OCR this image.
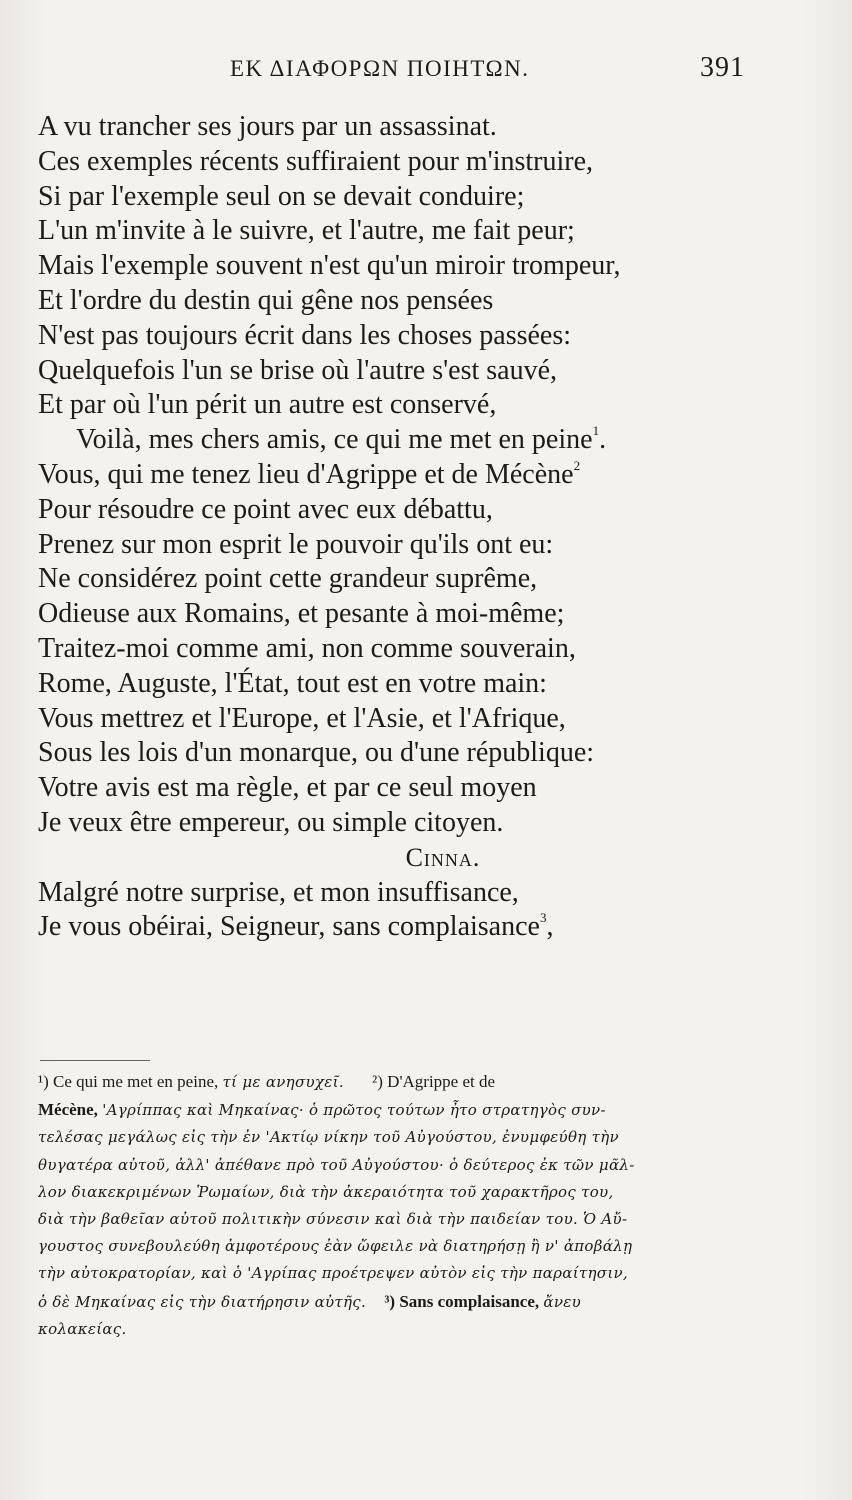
ΕΚ ΔΙΑΦΟΡΩΝ ΠΟΙΗΤΩΝ.	391
A vu trancher ses jours par un assassinat.
Ces exemples récents suffiraient pour m'instruire,
Si par l'exemple seul on se devait conduire;
L'un m'invite à le suivre, et l'autre, me fait peur;
Mais l'exemple souvent n'est qu'un miroir trompeur,
Et l'ordre du destin qui gêne nos pensées
N'est pas toujours écrit dans les choses passées:
Quelquefois l'un se brise où l'autre s'est sauvé,
Et par où l'un périt un autre est conservé,
Voilà, mes chers amis, ce qui me met en peine$^1$.
Vous, qui me tenez lieu d'Agrippe et de Mécène$^2$
Pour résoudre ce point avec eux débattu,
Prenez sur mon esprit le pouvoir qu'ils ont eu:
Ne considérez point cette grandeur suprême,
Odieuse aux Romains, et pesante à moi-même;
Traitez-moi comme ami, non comme souverain,
Rome, Auguste, l'État, tout est en votre main:
Vous mettrez et l'Europe, et l'Asie, et l'Afrique,
Sous les lois d'un monarque, ou d'une république:
Votre avis est ma règle, et par ce seul moyen
Je veux être empereur, ou simple citoyen.
Cinna.
Malgré notre surprise, et mon insuffisance,
Je vous obéirai, Seigneur, sans complaisance$^3$,
¹) Ce qui me met en peine, τί με ανησυχεῖ. ²) D'Agrippe et de
Mécène, 'Αγρίππας καὶ Μηκαίνας· ὁ πρῶτος τούτων ἦτο στρατηγὸς συν-
τελέσας μεγάλως εἰς τὴν ἐν 'Ακτίῳ νίκην τοῦ Αὐγούστου, ἐνυμφεύθη τὴν
θυγατέρα αὐτοῦ, ἀλλ' ἀπέθανε πρὸ τοῦ Αὐγούστου· ὁ δεύτερος ἐκ τῶν μᾶλ-
λον διακεκριμένων Ῥωμαίων, διὰ τὴν ἀκεραιότητα τοῦ χαρακτῆρος του,
διὰ τὴν βαθεῖαν αὐτοῦ πολιτικὴν σύνεσιν καὶ διὰ τὴν παιδείαν του. Ὁ Αὔ-
γουστος συνεβουλεύθη ἀμφοτέρους ἐὰν ὤφειλε νὰ διατηρήσῃ ἢ ν' ἀποβάλῃ
τὴν αὐτοκρατορίαν, καὶ ὁ 'Αγρίπας προέτρεψεν αὐτὸν εἰς τὴν παραίτησιν,
ὁ δὲ Μηκαίνας εἰς τὴν διατήρησιν αὐτῆς. ³) Sans complaisance, ἄνευ
κολακείας.
